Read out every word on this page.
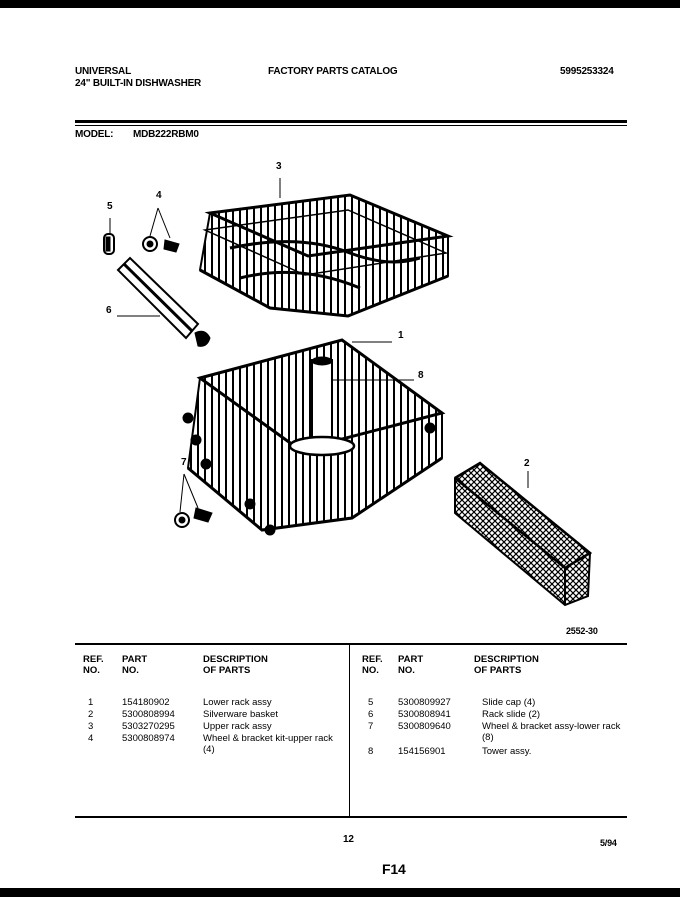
UNIVERSAL
24" BUILT-IN DISHWASHER
FACTORY PARTS CATALOG	5995253324
MODEL: MDB222RBM0
1
2
3
4
5
6
7
8
2552-30
REF.
NO.
PART
NO.
DESCRIPTION
OF PARTS
REF.
NO.
PART
NO.
DESCRIPTION
OF PARTS
1
2
3
4
154180902
5300808994
5303270295
5300808974
Lower rack assy
Silverware basket
Upper rack assy
Wheel & bracket kit-upper rack (4)
5
6
7
8
5300809927
5300808941
5300809640
154156901
Slide cap (4)
Rack slide (2)
Wheel & bracket assy-lower rack (8)
Tower assy.
12	5/94
F14
